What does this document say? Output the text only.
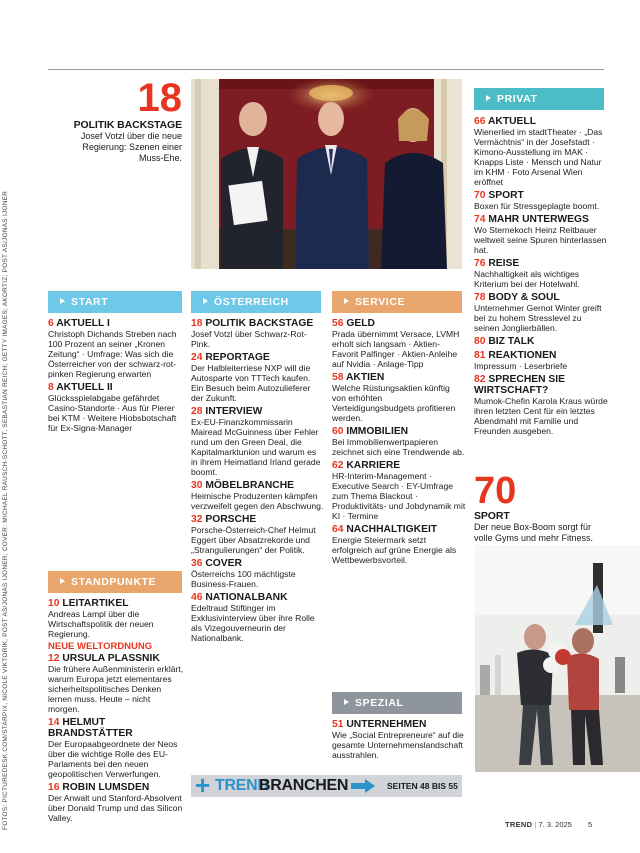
FOTOS: PICTUREDESK.COM/STARPIX, NICOLE VIKTORIK, POST AS/JONAS IJONER; COVER: MICHAEL RAUSCH-SCHOTT, SEBASTIAN REICH; GETTY IMAGES; AKORTIZ; POST AS/JONAS IJONER
18
POLITIK BACKSTAGE
Josef Votzl über die neue Regierung: Szenen einer Muss-Ehe.
PRIVAT
66 AKTUELL
Wienerlied im stadtTheater · „Das Vermächtnis“ in der Josefstadt · Kimono-Ausstellung im MAK · Knapps Liste · Mensch und Natur im KHM · Foto Arsenal Wien eröffnet
70 SPORT
Boxen für Stressgeplagte boomt.
74 MAHR UNTERWEGS
Wo Sternekoch Heinz Reitbauer weltweit seine Spuren hinterlassen hat.
76 REISE
Nachhaltigkeit als wichtiges Kriterium bei der Hotelwahl.
78 BODY & SOUL
Unternehmer Gernot Winter greift bei zu hohem Stresslevel zu seinen Jonglierbällen.
80 BIZ TALK
81 REAKTIONEN
Impressum · Leserbriefe
82 SPRECHEN SIE WIRTSCHAFT?
Mumok-Chefin Karola Kraus würde ihren letzten Cent für ein letztes Abendmahl mit Familie und Freunden ausgeben.
70
SPORT
Der neue Box-Boom sorgt für volle Gyms und mehr Fitness.
START
6 AKTUELL I
Christoph Dichands Streben nach 100 Prozent an seiner „Kronen Zeitung“ · Umfrage: Was sich die Österreicher von der schwarz-rot-pinken Regierung erwarten
8 AKTUELL II
Glücksspielabgabe gefährdet Casino-Standorte · Aus für Pierer bei KTM · Weitere Hiobsbotschaft für Ex-Signa-Manager
STANDPUNKTE
10 LEITARTIKEL
Andreas Lampl über die Wirtschaftspolitik der neuen Regierung.
NEUE WELTORDNUNG
12 URSULA PLASSNIK
Die frühere Außenministerin erklärt, warum Europa jetzt elementares sicherheitspolitisches Denken lernen muss. Heute – nicht morgen.
14 HELMUT BRANDSTÄTTER
Der Europaabgeordnete der Neos über die wichtige Rolle des EU-Parlaments bei den neuen geopolitischen Verwerfungen.
16 ROBIN LUMSDEN
Der Anwalt und Stanford-Absolvent über Donald Trump und das Silicon Valley.
ÖSTERREICH
18 POLITIK BACKSTAGE
Josef Votzl über Schwarz-Rot-Pink.
24 REPORTAGE
Der Halbleiterriese NXP will die Autosparte von TTTech kaufen. Ein Besuch beim Autozulieferer der Zukunft.
28 INTERVIEW
Ex-EU-Finanzkommissarin Mairead McGuinness über Fehler rund um den Green Deal, die Kapitalmarktunion und warum es in ihrem Heimatland Irland gerade boomt.
30 MÖBELBRANCHE
Heimische Produzenten kämpfen verzweifelt gegen den Abschwung.
32 PORSCHE
Porsche-Österreich-Chef Helmut Eggert über Absatzrekorde und „Strangulierungen“ der Politik.
36 COVER
Österreichs 100 mächtigste Business-Frauen.
46 NATIONALBANK
Edeltraud Stiftinger im Exklusivinterview über ihre Rolle als Vizegouverneurin der Nationalbank.
SERVICE
56 GELD
Prada übernimmt Versace, LVMH erholt sich langsam · Aktien-Favorit Palfinger · Aktien-Anleihe auf Nvidia · Anlage-Tipp
58 AKTIEN
Welche Rüstungsaktien künftig von erhöhten Verteidigungsbudgets profitieren werden.
60 IMMOBILIEN
Bei Immobilienwertpapieren zeichnet sich eine Trendwende ab.
62 KARRIERE
HR-Interim-Management · Executive Search · EY-Umfrage zum Thema Blackout · Produktivitäts- und Jobdynamik mit KI · Termine
64 NACHHALTIGKEIT
Energie Steiermark setzt erfolgreich auf grüne Energie als Wettbewerbsvorteil.
SPEZIAL
51 UNTERNEHMEN
Wie „Social Entrepreneure“ auf die gesamte Unternehmenslandschaft ausstrahlen.
+ TREND
BRANCHEN	SEITEN 48 BIS 55
TREND | 7. 3. 2025 5
